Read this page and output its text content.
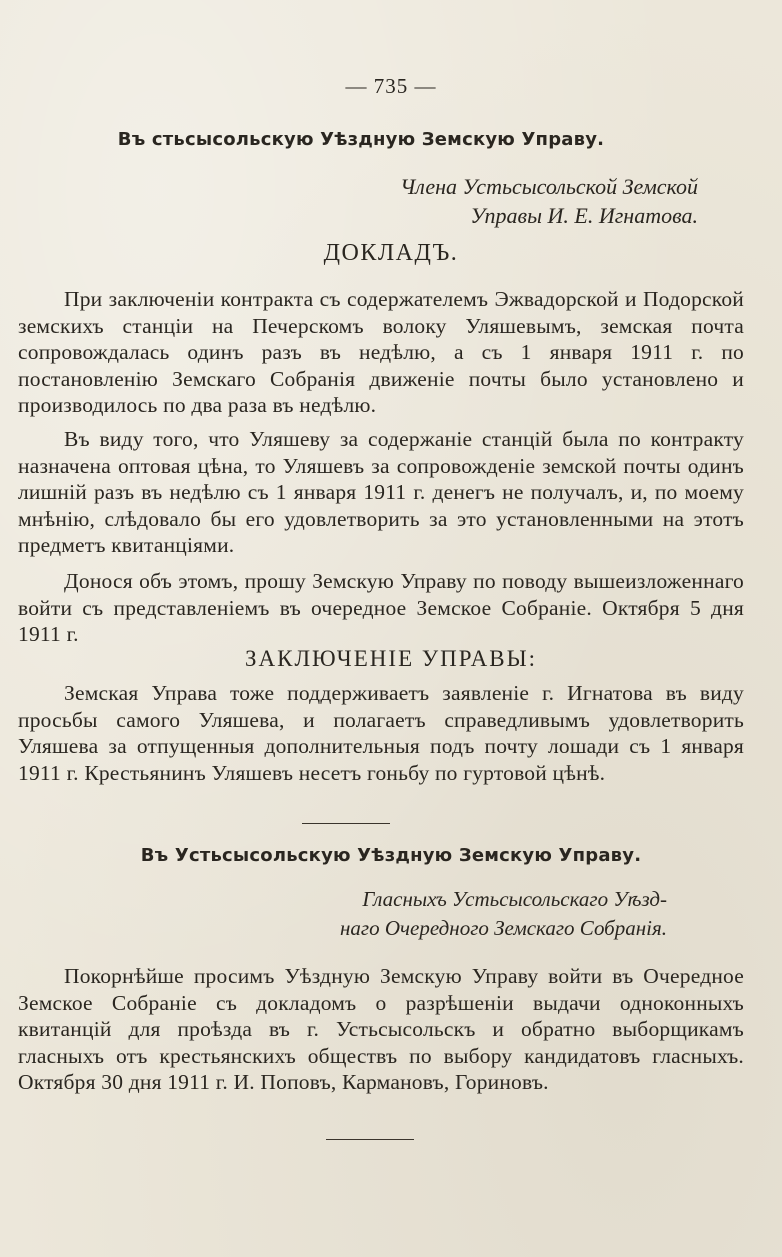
— 735 —
Въ стьсысольскую Уѣздную Земскую Управу.
Члена Устьсысольской Земской
Управы И. Е. Игнатова.
ДОКЛАДЪ.
При заключеніи контракта съ содержателемъ Эжвадорской и Подорской земскихъ станціи на Печерскомъ волоку Уляшевымъ, земская почта сопровождалась одинъ разъ въ недѣлю, а съ 1 января 1911 г. по постановленію Земскаго Собранія движеніе почты было установлено и производилось по два раза въ недѣлю.
Въ виду того, что Уляшеву за содержаніе станцій была по контракту назначена оптовая цѣна, то Уляшевъ за сопровожденіе земской почты одинъ лишній разъ въ недѣлю съ 1 января 1911 г. денегъ не получалъ, и, по моему мнѣнію, слѣдовало бы его удовлетворить за это установленными на этотъ предметъ квитанціями.
Донося объ этомъ, прошу Земскую Управу по поводу вышеизложеннаго войти съ представленіемъ въ очередное Земское Собраніе. Октября 5 дня 1911 г.
ЗАКЛЮЧЕНІЕ УПРАВЫ:
Земская Управа тоже поддерживаетъ заявленіе г. Игнатова въ виду просьбы самого Уляшева, и полагаетъ справедливымъ удовлетворить Уляшева за отпущенныя дополнительныя подъ почту лошади съ 1 января 1911 г. Крестьянинъ Уляшевъ несетъ гоньбу по гуртовой цѣнѣ.
Въ Устьсысольскую Уѣздную Земскую Управу.
Гласныхъ Устьсысольскаго Уѣзд-
наго Очередного Земскаго Собранія.
Покорнѣйше просимъ Уѣздную Земскую Управу войти въ Очередное Земское Собраніе съ докладомъ о разрѣшеніи выдачи одноконныхъ квитанцій для проѣзда въ г. Устьсысольскъ и обратно выборщикамъ гласныхъ отъ крестьянскихъ обществъ по выбору кандидатовъ гласныхъ. Октября 30 дня 1911 г. И. Поповъ, Кармановъ, Гориновъ.
